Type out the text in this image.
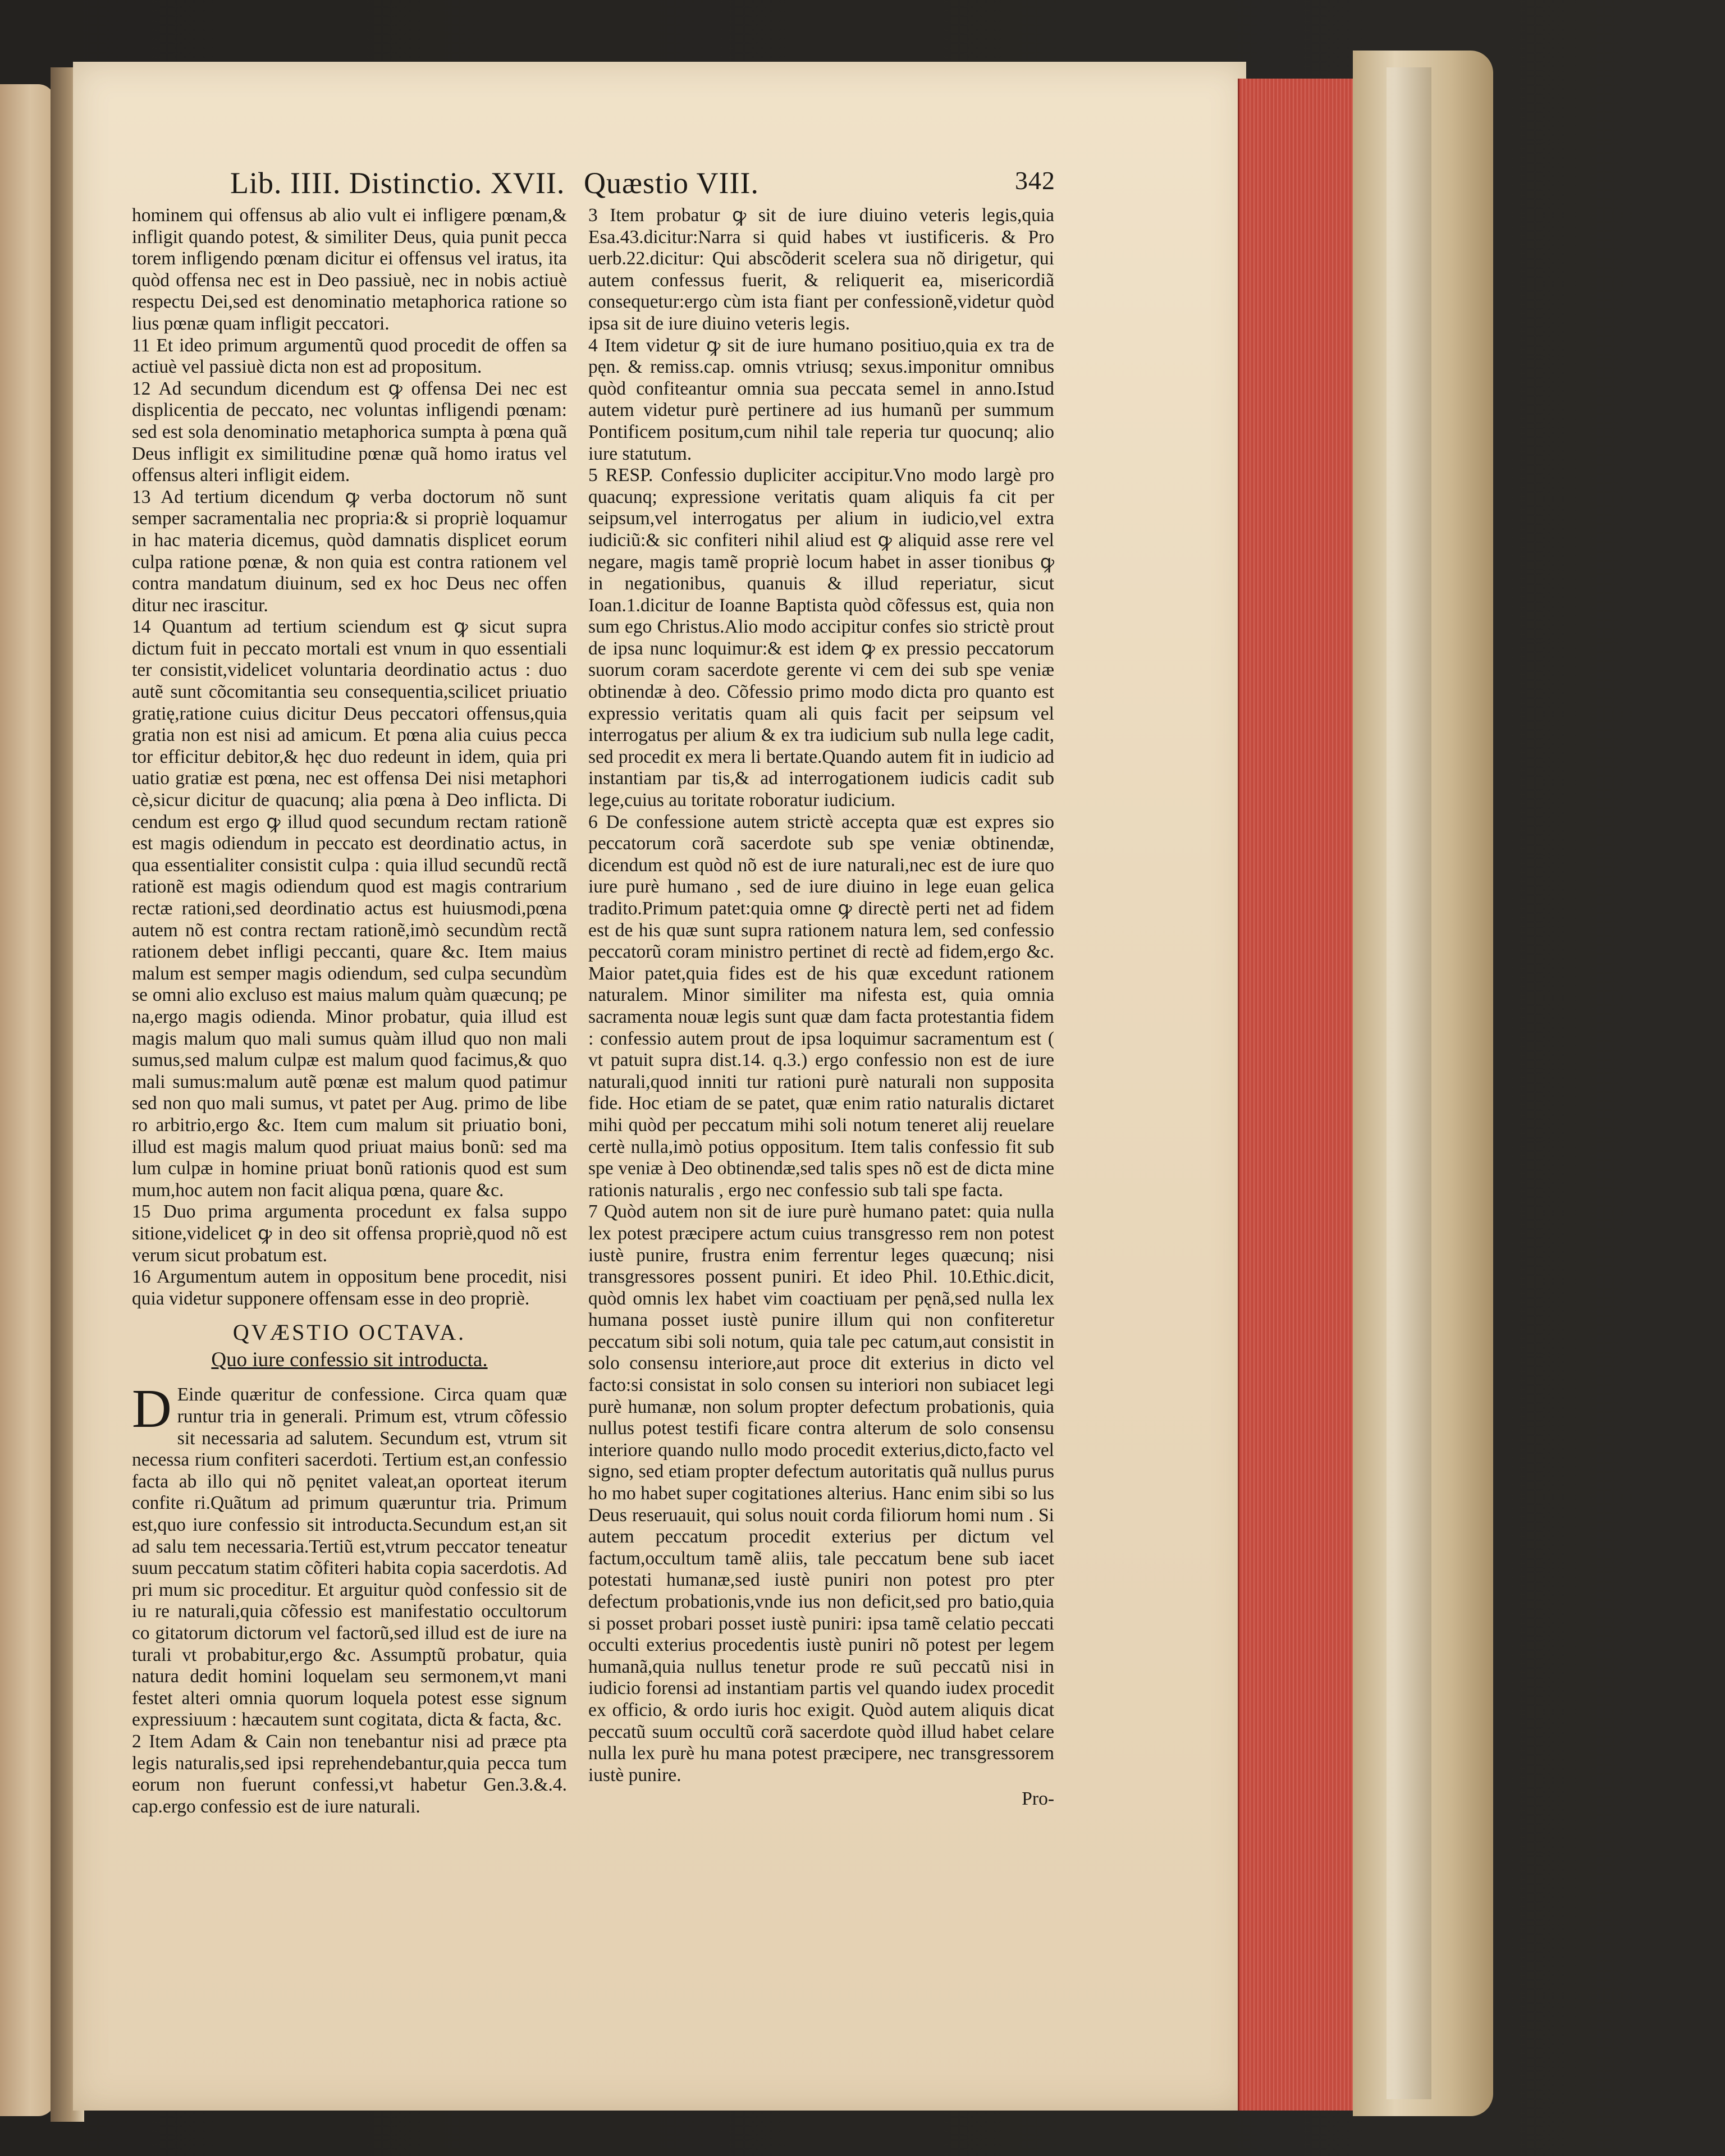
Lib. IIII. Distinctio. XVII. Quæstio VIII.	342

hominem qui offensus ab alio vult ei infligere pœnam,& infligit quando potest, & similiter Deus, quia punit pecca torem infligendo pœnam dicitur ei offensus vel iratus, ita quòd offensa nec est in Deo passiuè, nec in nobis actiuè respectu Dei,sed est denominatio metaphorica ratione so lius pœnæ quam infligit peccatori.

11 Et ideo primum argumentũ quod procedit de offen sa actiuè vel passiuè dicta non est ad propositum.

12 Ad secundum dicendum est ꝙ offensa Dei nec est displicentia de peccato, nec voluntas infligendi pœnam: sed est sola denominatio metaphorica sumpta à pœna quã Deus infligit ex similitudine pœnæ quã homo iratus vel offensus alteri infligit eidem.

13 Ad tertium dicendum ꝙ verba doctorum nõ sunt semper sacramentalia nec propria:& si propriè loquamur in hac materia dicemus, quòd damnatis displicet eorum culpa ratione pœnæ, & non quia est contra rationem vel contra mandatum diuinum, sed ex hoc Deus nec offen ditur nec irascitur.

14 Quantum ad tertium sciendum est ꝙ sicut supra dictum fuit in peccato mortali est vnum in quo essentiali ter consistit,videlicet voluntaria deordinatio actus : duo autẽ sunt cõcomitantia seu consequentia,scilicet priuatio gratię,ratione cuius dicitur Deus peccatori offensus,quia gratia non est nisi ad amicum. Et pœna alia cuius pecca tor efficitur debitor,& hęc duo redeunt in idem, quia pri uatio gratiæ est pœna, nec est offensa Dei nisi metaphori cè,sicur dicitur de quacunq; alia pœna à Deo inflicta. Di cendum est ergo ꝙ illud quod secundum rectam rationẽ est magis odiendum in peccato est deordinatio actus, in qua essentialiter consistit culpa : quia illud secundũ rectã rationẽ est magis odiendum quod est magis contrarium rectæ rationi,sed deordinatio actus est huiusmodi,pœna autem nõ est contra rectam rationẽ,imò secundùm rectã rationem debet infligi peccanti, quare &c. Item maius malum est semper magis odiendum, sed culpa secundùm se omni alio excluso est maius malum quàm quæcunq; pe na,ergo magis odienda. Minor probatur, quia illud est magis malum quo mali sumus quàm illud quo non mali sumus,sed malum culpæ est malum quod facimus,& quo mali sumus:malum autẽ pœnæ est malum quod patimur sed non quo mali sumus, vt patet per Aug. primo de libe ro arbitrio,ergo &c. Item cum malum sit priuatio boni, illud est magis malum quod priuat maius bonũ: sed ma lum culpæ in homine priuat bonũ rationis quod est sum mum,hoc autem non facit aliqua pœna, quare &c.

15 Duo prima argumenta procedunt ex falsa suppo sitione,videlicet ꝙ in deo sit offensa propriè,quod nõ est verum sicut probatum est.

16 Argumentum autem in oppositum bene procedit, nisi quia videtur supponere offensam esse in deo propriè.

QVÆSTIO OCTAVA.
Quo iure confessio sit introducta.

D Einde quæritur de confessione. Circa quam quæ runtur tria in generali. Primum est, vtrum cõfessio sit necessaria ad salutem. Secundum est, vtrum sit necessa rium confiteri sacerdoti. Tertium est,an confessio facta ab illo qui nõ pęnitet valeat,an oporteat iterum confite ri.Quãtum ad primum quæruntur tria. Primum est,quo iure confessio sit introducta.Secundum est,an sit ad salu tem necessaria.Tertiũ est,vtrum peccator teneatur suum peccatum statim cõfiteri habita copia sacerdotis. Ad pri mum sic proceditur. Et arguitur quòd confessio sit de iu re naturali,quia cõfessio est manifestatio occultorum co gitatorum dictorum vel factorũ,sed illud est de iure na turali vt probabitur,ergo &c. Assumptũ probatur, quia natura dedit homini loquelam seu sermonem,vt mani festet alteri omnia quorum loquela potest esse signum expressiuum : hæcautem sunt cogitata, dicta & facta, &c.

2 Item Adam & Cain non tenebantur nisi ad præce pta legis naturalis,sed ipsi reprehendebantur,quia pecca tum eorum non fuerunt confessi,vt habetur Gen.3.&.4. cap.ergo confessio est de iure naturali.

3 Item probatur ꝙ sit de iure diuino veteris legis,quia Esa.43.dicitur:Narra si quid habes vt iustificeris. & Pro uerb.22.dicitur: Qui abscõderit scelera sua nõ dirigetur, qui autem confessus fuerit, & reliquerit ea, misericordiã consequetur:ergo cùm ista fiant per confessionẽ,videtur quòd ipsa sit de iure diuino veteris legis.

4 Item videtur ꝙ sit de iure humano positiuo,quia ex tra de pęn. & remiss.cap. omnis vtriusq; sexus.imponitur omnibus quòd confiteantur omnia sua peccata semel in anno.Istud autem videtur purè pertinere ad ius humanũ per summum Pontificem positum,cum nihil tale reperia tur quocunq; alio iure statutum.

5 RESP. Confessio dupliciter accipitur.Vno modo largè pro quacunq; expressione veritatis quam aliquis fa cit per seipsum,vel interrogatus per alium in iudicio,vel extra iudiciũ:& sic confiteri nihil aliud est ꝙ aliquid asse rere vel negare, magis tamẽ propriè locum habet in asser tionibus ꝙ in negationibus, quanuis & illud reperiatur, sicut Ioan.1.dicitur de Ioanne Baptista quòd cõfessus est, quia non sum ego Christus.Alio modo accipitur confes sio strictè prout de ipsa nunc loquimur:& est idem ꝙ ex pressio peccatorum suorum coram sacerdote gerente vi cem dei sub spe veniæ obtinendæ à deo. Cõfessio primo modo dicta pro quanto est expressio veritatis quam ali quis facit per seipsum vel interrogatus per alium & ex tra iudicium sub nulla lege cadit, sed procedit ex mera li bertate.Quando autem fit in iudicio ad instantiam par tis,& ad interrogationem iudicis cadit sub lege,cuius au toritate roboratur iudicium.

6 De confessione autem strictè accepta quæ est expres sio peccatorum corã sacerdote sub spe veniæ obtinendæ, dicendum est quòd nõ est de iure naturali,nec est de iure quo iure purè humano , sed de iure diuino in lege euan gelica tradito.Primum patet:quia omne ꝙ directè perti net ad fidem est de his quæ sunt supra rationem natura lem, sed confessio peccatorũ coram ministro pertinet di rectè ad fidem,ergo &c. Maior patet,quia fides est de his quæ excedunt rationem naturalem. Minor similiter ma nifesta est, quia omnia sacramenta nouæ legis sunt quæ dam facta protestantia fidem : confessio autem prout de ipsa loquimur sacramentum est ( vt patuit supra dist.14. q.3.) ergo confessio non est de iure naturali,quod inniti tur rationi purè naturali non supposita fide. Hoc etiam de se patet, quæ enim ratio naturalis dictaret mihi quòd per peccatum mihi soli notum teneret alij reuelare certè nulla,imò potius oppositum. Item talis confessio fit sub spe veniæ à Deo obtinendæ,sed talis spes nõ est de dicta mine rationis naturalis , ergo nec confessio sub tali spe facta.

7 Quòd autem non sit de iure purè humano patet: quia nulla lex potest præcipere actum cuius transgresso rem non potest iustè punire, frustra enim ferrentur leges quæcunq; nisi transgressores possent puniri. Et ideo Phil. 10.Ethic.dicit, quòd omnis lex habet vim coactiuam per pęnã,sed nulla lex humana posset iustè punire illum qui non confiteretur peccatum sibi soli notum, quia tale pec catum,aut consistit in solo consensu interiore,aut proce dit exterius in dicto vel facto:si consistat in solo consen su interiori non subiacet legi purè humanæ, non solum propter defectum probationis, quia nullus potest testifi ficare contra alterum de solo consensu interiore quando nullo modo procedit exterius,dicto,facto vel signo, sed etiam propter defectum autoritatis quã nullus purus ho mo habet super cogitationes alterius. Hanc enim sibi so lus Deus reseruauit, qui solus nouit corda filiorum homi num . Si autem peccatum procedit exterius per dictum vel factum,occultum tamẽ aliis, tale peccatum bene sub iacet potestati humanæ,sed iustè puniri non potest pro pter defectum probationis,vnde ius non deficit,sed pro batio,quia si posset probari posset iustè puniri: ipsa tamẽ celatio peccati occulti exterius procedentis iustè puniri nõ potest per legem humanã,quia nullus tenetur prode re suũ peccatũ nisi in iudicio forensi ad instantiam partis vel quando iudex procedit ex officio, & ordo iuris hoc exigit. Quòd autem aliquis dicat peccatũ suum occultũ corã sacerdote quòd illud habet celare nulla lex purè hu mana potest præcipere, nec transgressorem iustè punire.

Pro-
